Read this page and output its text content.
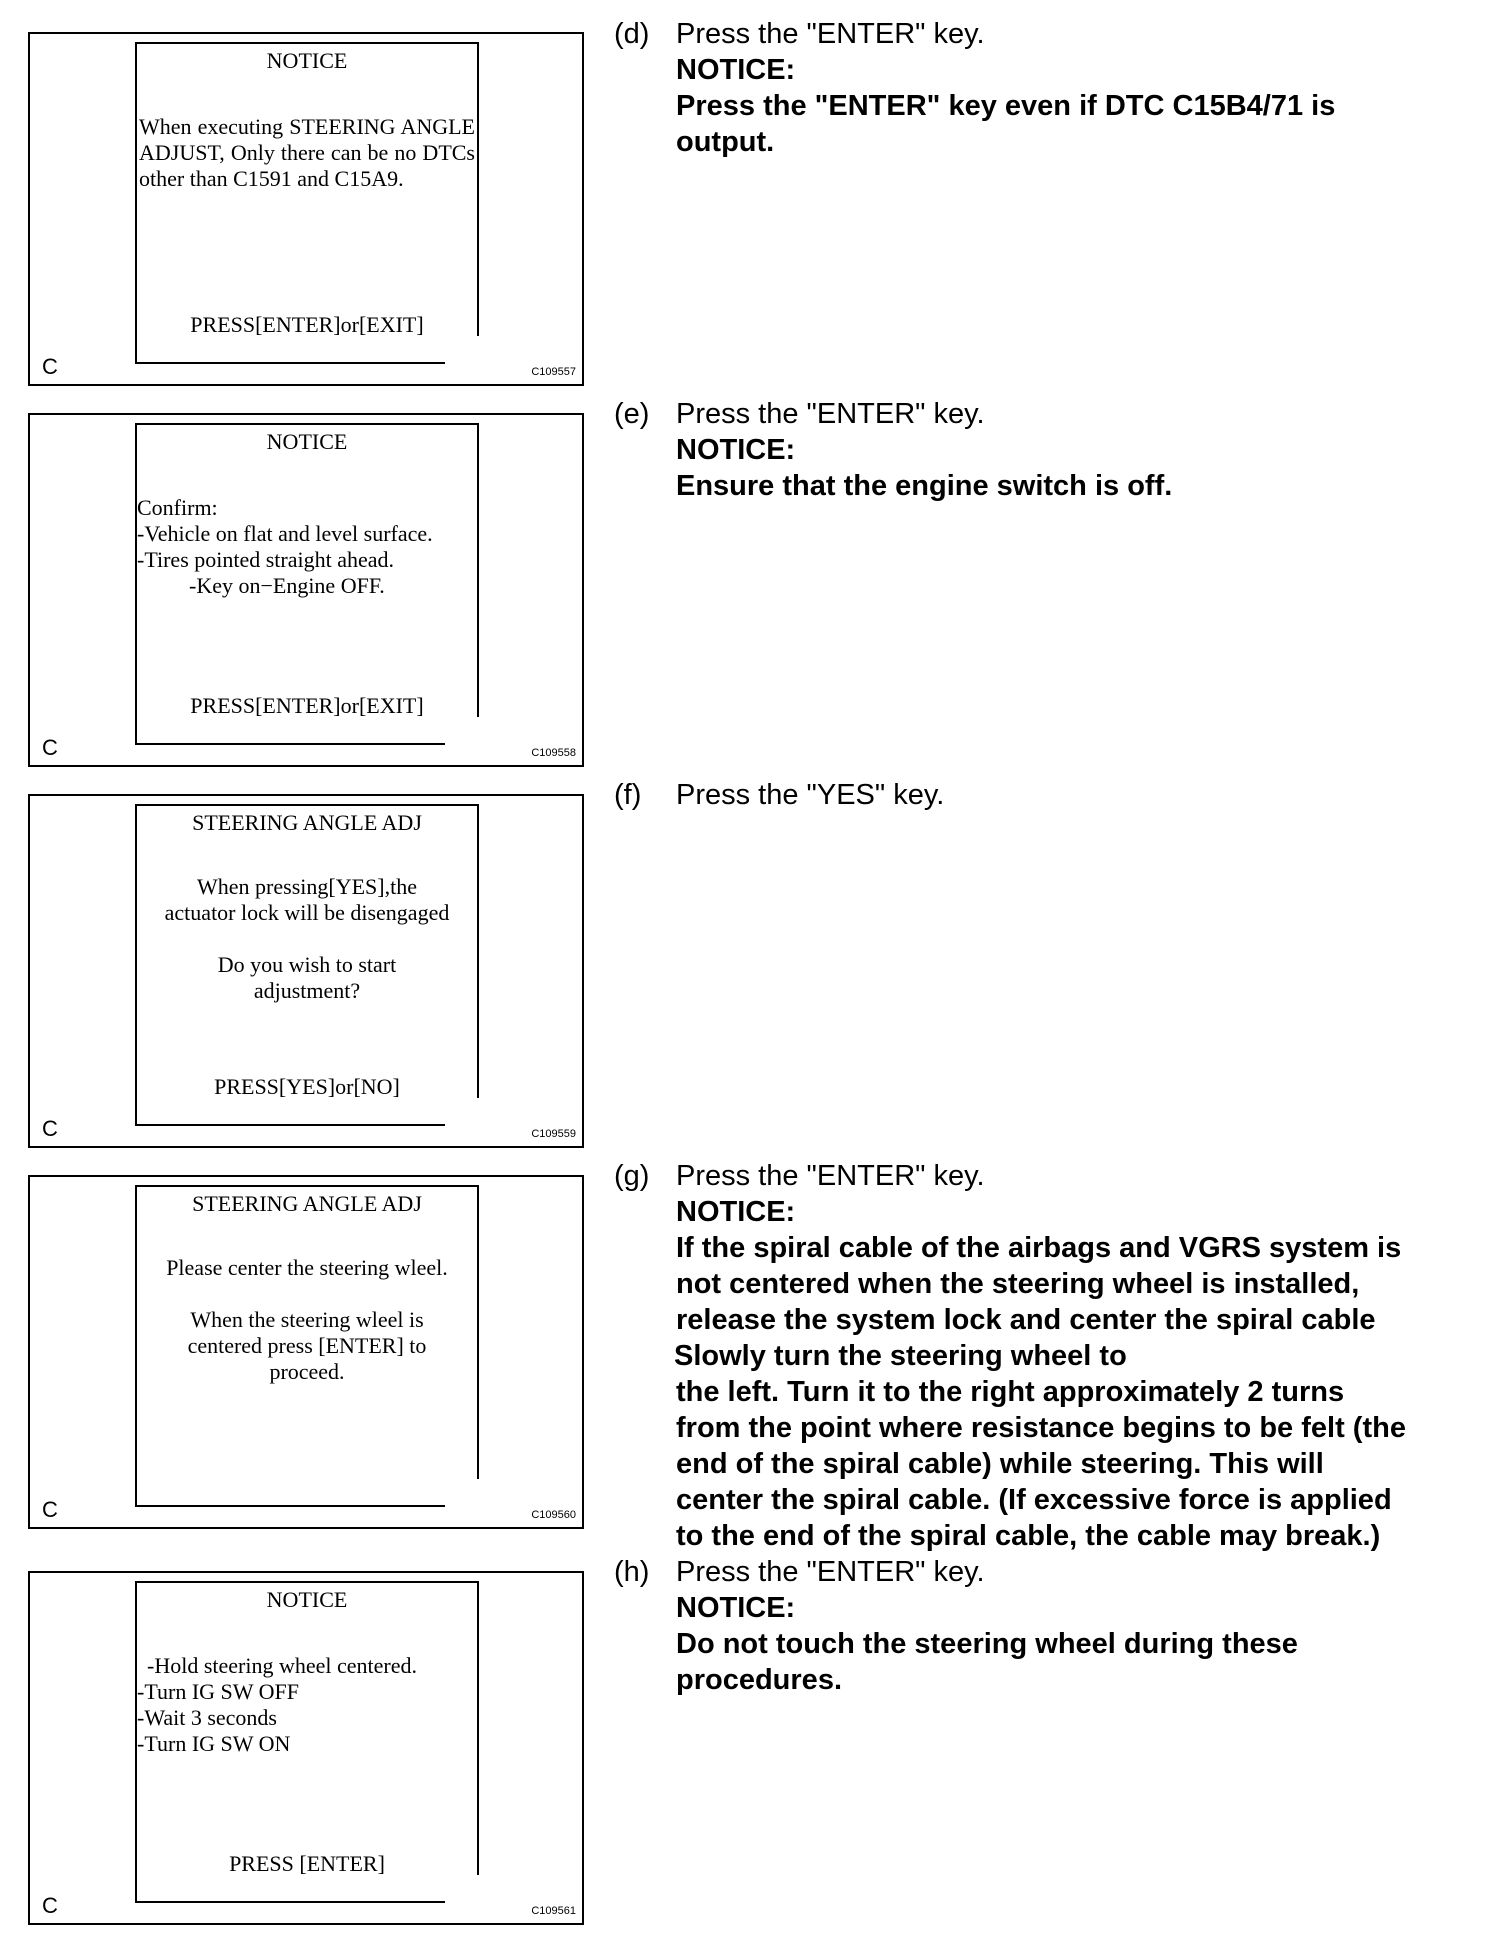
NOTICE
When executing STEERING ANGLE ADJUST, Only there can be no DTCs other than C1591 and C15A9.
PRESS[ENTER]or[EXIT]
C	C109557
NOTICE
Confirm:
-Vehicle on flat and level surface.
-Tires pointed straight ahead.
-Key on−Engine OFF.
PRESS[ENTER]or[EXIT]
C	C109558
STEERING ANGLE ADJ
When pressing[YES],the
actuator lock will be disengaged
Do you wish to start
adjustment?
PRESS[YES]or[NO]
C	C109559
STEERING ANGLE ADJ
Please center the steering wleel.
When the steering wleel is
centered press [ENTER] to
proceed.
C	C109560
NOTICE
-Hold steering wheel centered.
-Turn IG SW OFF
-Wait 3 seconds
-Turn IG SW ON
PRESS [ENTER]
C	C109561
(d) Press the "ENTER" key.
NOTICE:
Press the "ENTER" key even if DTC C15B4/71 is
output.
(e) Press the "ENTER" key.
NOTICE:
Ensure that the engine switch is off.
(f) Press the "YES" key.
(g) Press the "ENTER" key.
NOTICE:
If the spiral cable of the airbags and VGRS system is
not centered when the steering wheel is installed,
release the system lock and center the spiral cable
Slowly turn the steering wheel to
the left. Turn it to the right approximately 2 turns
from the point where resistance begins to be felt (the
end of the spiral cable) while steering. This will
center the spiral cable. (If excessive force is applied
to the end of the spiral cable, the cable may break.)
(h) Press the "ENTER" key.
NOTICE:
Do not touch the steering wheel during these
procedures.
